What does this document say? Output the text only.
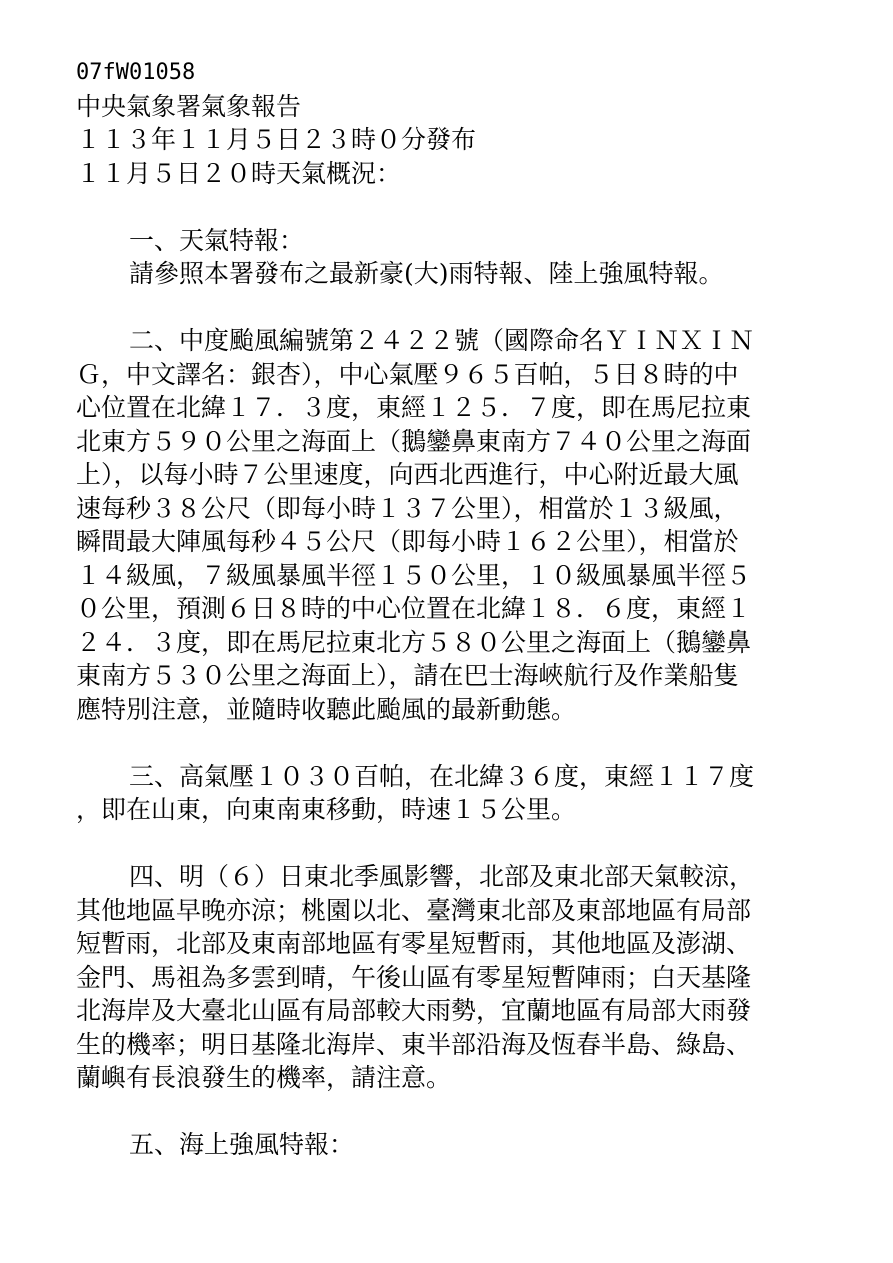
07fW01058
中央氣象署氣象報告
１１３年１１月５日２３時０分發布
１１月５日２０時天氣概況：
一、天氣特報：
請參照本署發布之最新豪(大)雨特報、陸上強風特報。
二、中度颱風編號第２４２２號（國際命名ＹＩＮＸＩＮ
Ｇ，中文譯名：銀杏），中心氣壓９６５百帕，５日８時的中
心位置在北緯１７．３度，東經１２５．７度，即在馬尼拉東
北東方５９０公里之海面上（鵝鑾鼻東南方７４０公里之海面
上），以每小時７公里速度，向西北西進行，中心附近最大風
速每秒３８公尺（即每小時１３７公里），相當於１３級風，
瞬間最大陣風每秒４５公尺（即每小時１６２公里），相當於
１４級風，７級風暴風半徑１５０公里，１０級風暴風半徑５
０公里，預測６日８時的中心位置在北緯１８．６度，東經１
２４．３度，即在馬尼拉東北方５８０公里之海面上（鵝鑾鼻
東南方５３０公里之海面上），請在巴士海峽航行及作業船隻
應特別注意，並隨時收聽此颱風的最新動態。
三、高氣壓１０３０百帕，在北緯３６度，東經１１７度
，即在山東，向東南東移動，時速１５公里。
四、明（６）日東北季風影響，北部及東北部天氣較涼，
其他地區早晚亦涼；桃園以北、臺灣東北部及東部地區有局部
短暫雨，北部及東南部地區有零星短暫雨，其他地區及澎湖、
金門、馬祖為多雲到晴，午後山區有零星短暫陣雨；白天基隆
北海岸及大臺北山區有局部較大雨勢，宜蘭地區有局部大雨發
生的機率；明日基隆北海岸、東半部沿海及恆春半島、綠島、
蘭嶼有長浪發生的機率，請注意。
五、海上強風特報：
